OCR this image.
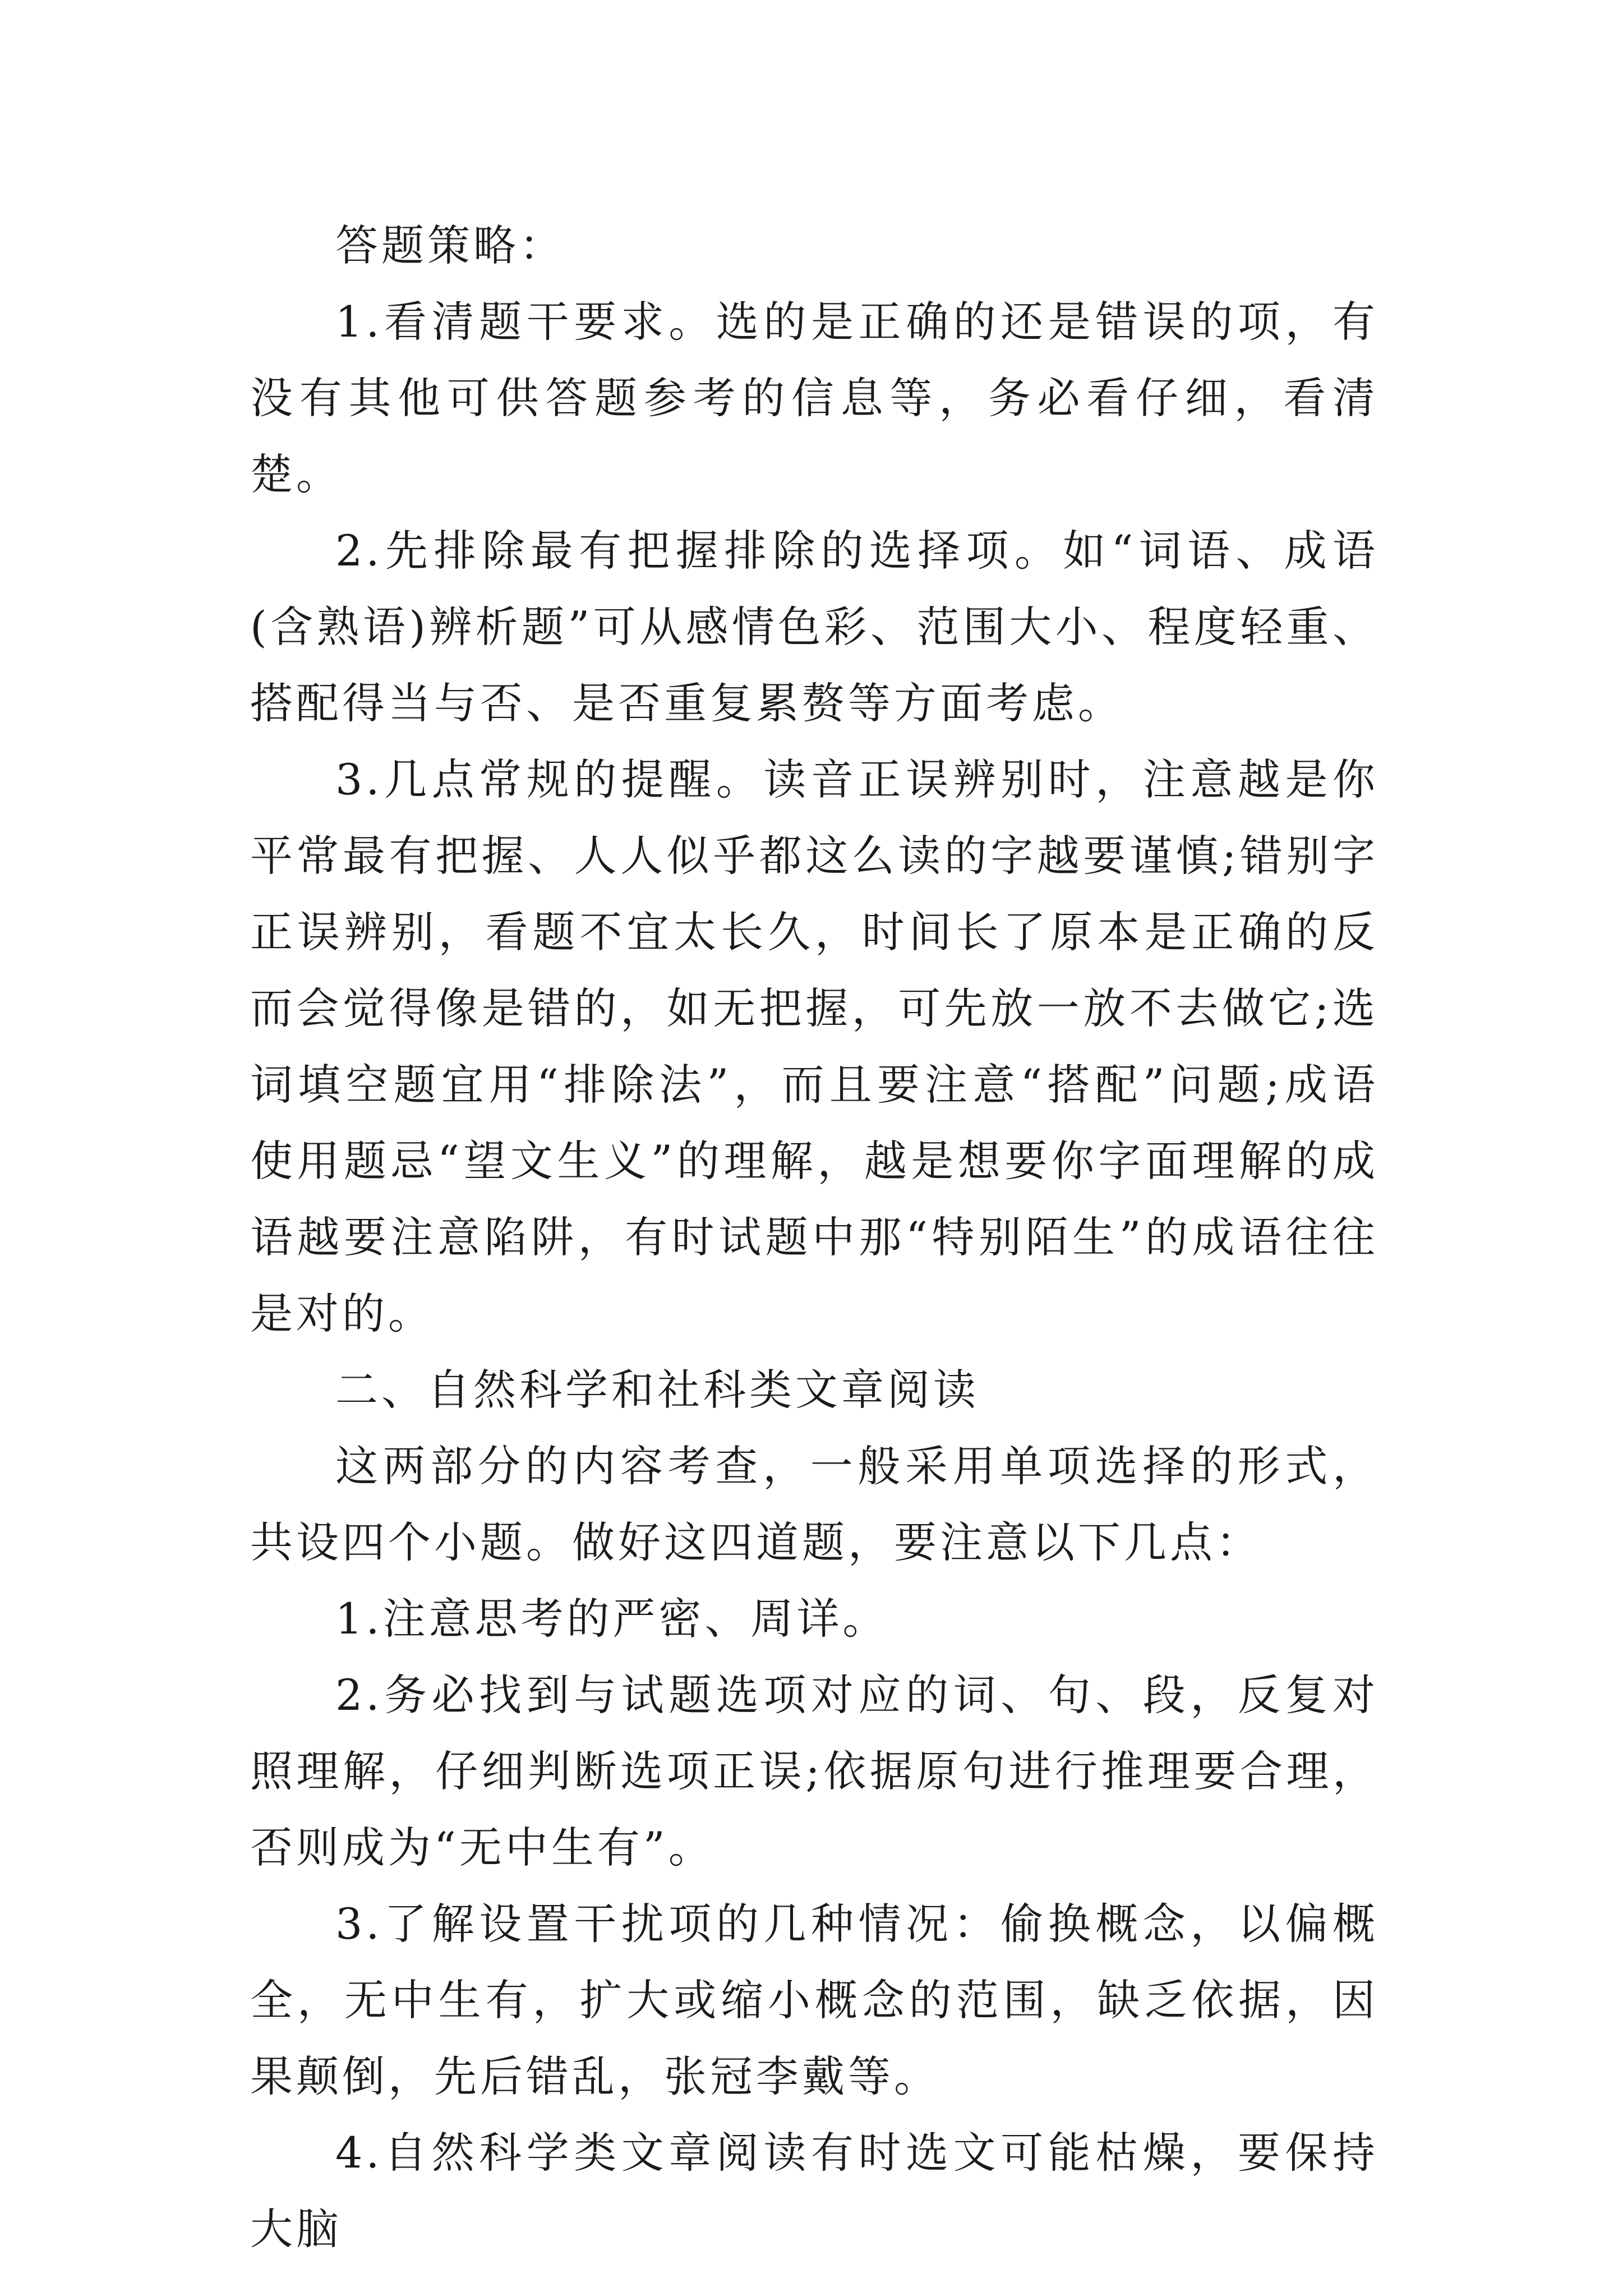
答题策略：

1.看清题干要求。选的是正确的还是错误的项，有没有其他可供答题参考的信息等，务必看仔细，看清楚。

2.先排除最有把握排除的选择项。如“词语、成语(含熟语)辨析题”可从感情色彩、范围大小、程度轻重、搭配得当与否、是否重复累赘等方面考虑。

3.几点常规的提醒。读音正误辨别时，注意越是你平常最有把握、人人似乎都这么读的字越要谨慎;错别字正误辨别，看题不宜太长久，时间长了原本是正确的反而会觉得像是错的，如无把握，可先放一放不去做它;选词填空题宜用“排除法”，而且要注意“搭配”问题;成语使用题忌“望文生义”的理解，越是想要你字面理解的成语越要注意陷阱，有时试题中那“特别陌生”的成语往往是对的。

二、自然科学和社科类文章阅读

这两部分的内容考查，一般采用单项选择的形式，共设四个小题。做好这四道题，要注意以下几点：

1.注意思考的严密、周详。

2.务必找到与试题选项对应的词、句、段，反复对照理解，仔细判断选项正误;依据原句进行推理要合理，否则成为“无中生有”。

3.了解设置干扰项的几种情况：偷换概念，以偏概全，无中生有，扩大或缩小概念的范围，缺乏依据，因果颠倒，先后错乱，张冠李戴等。

4.自然科学类文章阅读有时选文可能枯燥，要保持大脑
